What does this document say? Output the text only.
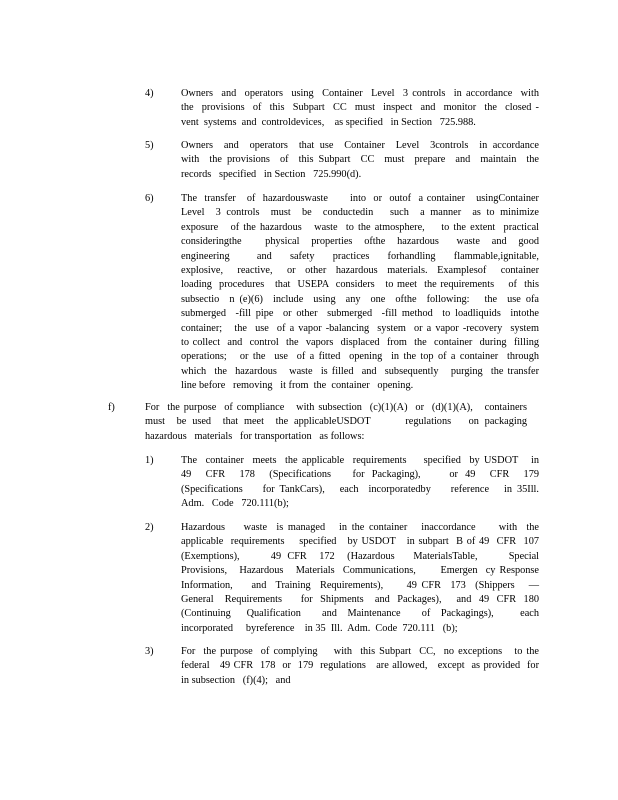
4)	Owners  and  operators  using  Container  Level  3 controls  in accordance  with
the  provisions  of  this  Subpart  CC  must  inspect  and  monitor  the  closed -
vent  systems  and  controldevices,    as specified   in Section   725.988.
5)	Owners  and  operators  that use  Container  Level  3controls  in accordance
with  the provisions  of  this Subpart  CC  must  prepare  and  maintain  the
records   specified   in Section   725.990(d).
6)	The  transfer   of  hazardouswaste      into  or  outof  a container   usingContainer
Level  3 controls  must  be  conductedin   such  a manner  as to minimize
exposure   of the hazardous   waste  to the atmosphere,    to the extent  practical
consideringthe    physical  properties  ofthe  hazardous   waste  and  good
engineering   and  safety  practices  forhandling  flammable,ignitable,
explosive,   reactive,   or  other  hazardous  materials.  Examplesof   container
loading  procedures   that  USEPA  considers   to meet  the requirements    of  this
subsectio  n (e)(6)  include  using  any  one  ofthe  following:   the  use ofa
submerged  -fill pipe  or other  submerged  -fill method  to loadliquids  intothe
container;   the  use  of a vapor -balancing  system  or a vapor -recovery  system
to collect  and  control  the  vapors  displaced  from  the  container  during  filling
operations;   or the  use  of a fitted  opening  in the top of a container  through
which  the  hazardous   waste  is filled  and  subsequently   purging  the transfer
line before   removing   it from  the  container   opening.
f)	For  the purpose  of compliance   with subsection  (c)(1)(A)  or  (d)(1)(A),   containers
must  be used  that meet  the applicableUSDOT      regulations   on packaging
hazardous   materials   for transportation   as follows:
1)	The  container  meets  the applicable  requirements    specified  by USDOT   in
49  CFR  178  (Specifications   for Packaging),    or 49  CFR  179
(Specifications    for TankCars),   each  incorporatedby    reference   in 35Ill.
Adm.   Code   720.111(b);
2)	Hazardous    waste  is managed   in the container   inaccordance     with  the
applicable  requirements    specified   by USDOT   in subpart  B of 49  CFR  107
(Exemptions),     49 CFR  172  (Hazardous   MaterialsTable,     Special
Provisions,   Hazardous   Materials  Communications,      Emergen  cy Response
Information,    and  Training  Requirements),     49 CFR  173  (Shippers   —
General   Requirements     for  Shipments   and  Packages),    and  49  CFR  180
(Continuing   Qualification    and  Maintenance    of  Packagings),     each
incorporated     byreference    in 35  Ill.  Adm.  Code  720.111   (b);
3)	For  the purpose  of complying    with  this Subpart  CC,  no exceptions   to the
federal   49 CFR  178  or  179  regulations   are allowed,   except  as provided  for
in subsection   (f)(4);   and
